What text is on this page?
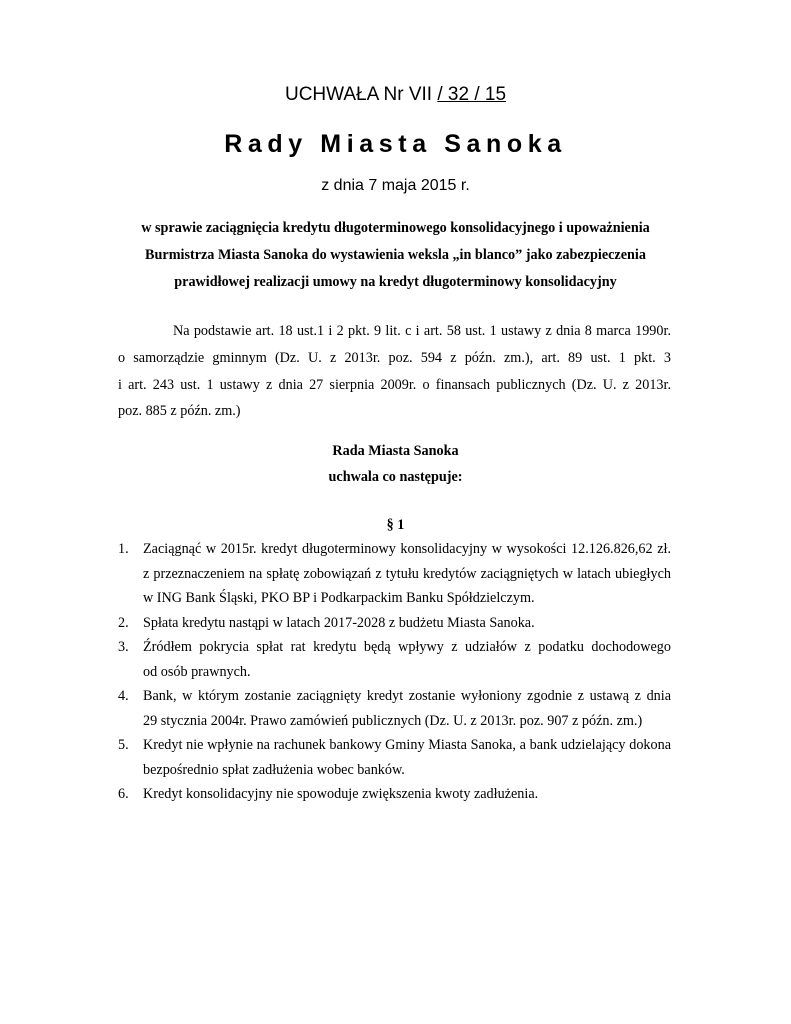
UCHWAŁA Nr VII / 32 / 15
Rady Miasta Sanoka
z dnia 7 maja 2015 r.
w sprawie zaciągnięcia kredytu długoterminowego konsolidacyjnego i upoważnienia
Burmistrza Miasta Sanoka do wystawienia weksla „in blanco” jako zabezpieczenia
prawidłowej realizacji umowy na kredyt długoterminowy konsolidacyjny
Na podstawie art. 18 ust.1 i 2 pkt. 9 lit. c i art. 58 ust. 1 ustawy z dnia 8 marca 1990r.
o samorządzie gminnym (Dz. U. z 2013r. poz. 594 z późn. zm.), art. 89 ust. 1 pkt. 3
i art. 243 ust. 1 ustawy z dnia 27 sierpnia 2009r. o finansach publicznych (Dz. U. z 2013r.
poz. 885 z późn. zm.)
Rada Miasta Sanoka
uchwala co następuje:
§ 1
1. Zaciągnąć w 2015r. kredyt długoterminowy konsolidacyjny w wysokości 12.126.826,62 zł.
z przeznaczeniem na spłatę zobowiązań z tytułu kredytów zaciągniętych w latach ubiegłych
w ING Bank Śląski, PKO BP i Podkarpackim Banku Spółdzielczym.
2. Spłata kredytu nastąpi w latach 2017-2028 z budżetu Miasta Sanoka.
3. Źródłem pokrycia spłat rat kredytu będą wpływy z udziałów z podatku dochodowego
od osób prawnych.
4. Bank, w którym zostanie zaciągnięty kredyt zostanie wyłoniony zgodnie z ustawą z dnia
29 stycznia 2004r. Prawo zamówień publicznych (Dz. U. z 2013r. poz. 907 z późn. zm.)
5. Kredyt nie wpłynie na rachunek bankowy Gminy Miasta Sanoka, a bank udzielający dokona
bezpośrednio spłat zadłużenia wobec banków.
6. Kredyt konsolidacyjny nie spowoduje zwiększenia kwoty zadłużenia.
